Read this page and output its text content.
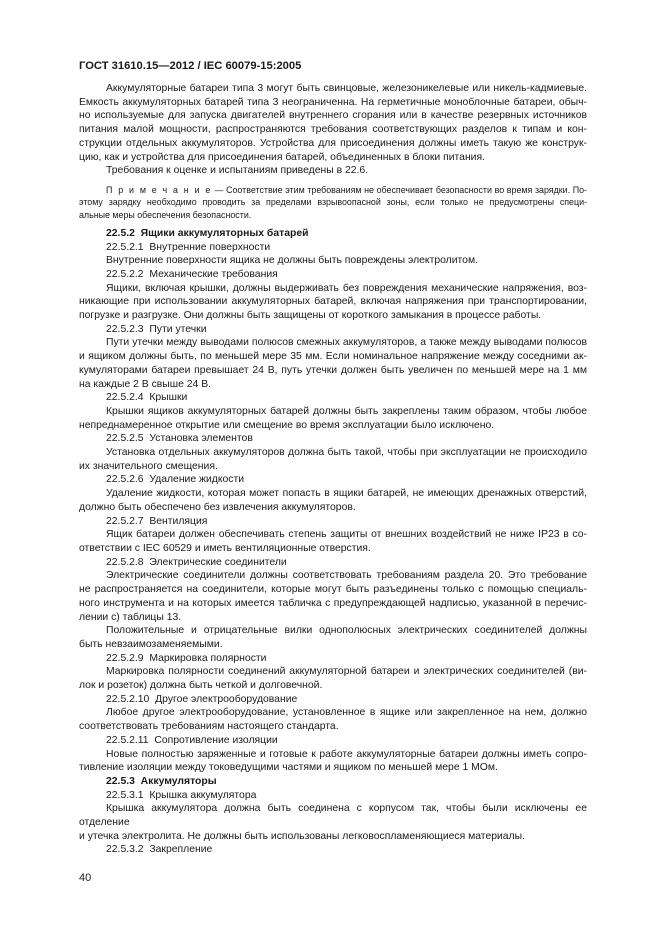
ГОСТ 31610.15—2012 / IEC 60079-15:2005

Аккумуляторные батареи типа 3 могут быть свинцовые, железоникелевые или никель-кадмиевые.

Емкость аккумуляторных батарей типа 3 неограниченна. На герметичные моноблочные батареи, обыч-

но используемые для запуска двигателей внутреннего сгорания или в качестве резервных источников

питания малой мощности, распространяются требования соответствующих разделов к типам и кон-

струкции отдельных аккумуляторов. Устройства для присоединения должны иметь такую же конструк-

цию, как и устройства для присоединения батарей, объединенных в блоки питания.

Требования к оценке и испытаниям приведены в 22.6.

П р и м е ч а н и е — Соответствие этим требованиям не обеспечивает безопасности во время зарядки. По-

этому зарядку необходимо проводить за пределами взрывоопасной зоны, если только не предусмотрены специ-

альные меры обеспечения безопасности.

22.5.2 Ящики аккумуляторных батарей

22.5.2.1 Внутренние поверхности

Внутренние поверхности ящика не должны быть повреждены электролитом.

22.5.2.2 Механические требования

Ящики, включая крышки, должны выдерживать без повреждения механические напряжения, воз-

никающие при использовании аккумуляторных батарей, включая напряжения при транспортировании,

погрузке и разгрузке. Они должны быть защищены от короткого замыкания в процессе работы.

22.5.2.3 Пути утечки

Пути утечки между выводами полюсов смежных аккумуляторов, а также между выводами полюсов

и ящиком должны быть, по меньшей мере 35 мм. Если номинальное напряжение между соседними ак-

кумуляторами батареи превышает 24 В, путь утечки должен быть увеличен по меньшей мере на 1 мм

на каждые 2 В свыше 24 В.

22.5.2.4 Крышки

Крышки ящиков аккумуляторных батарей должны быть закреплены таким образом, чтобы любое

непреднамеренное открытие или смещение во время эксплуатации было исключено.

22.5.2.5 Установка элементов

Установка отдельных аккумуляторов должна быть такой, чтобы при эксплуатации не происходило

их значительного смещения.

22.5.2.6 Удаление жидкости

Удаление жидкости, которая может попасть в ящики батарей, не имеющих дренажных отверстий,

должно быть обеспечено без извлечения аккумуляторов.

22.5.2.7 Вентиляция

Ящик батареи должен обеспечивать степень защиты от внешних воздействий не ниже IP23 в со-

ответствии с IEC 60529 и иметь вентиляционные отверстия.

22.5.2.8 Электрические соединители

Электрические соединители должны соответствовать требованиям раздела 20. Это требование

не распространяется на соединители, которые могут быть разъединены только с помощью специаль-

ного инструмента и на которых имеется табличка с предупреждающей надписью, указанной в перечис-

лении с) таблицы 13.

Положительные и отрицательные вилки однополюсных электрических соединителей должны

быть невзаимозаменяемыми.

22.5.2.9 Маркировка полярности

Маркировка полярности соединений аккумуляторной батареи и электрических соединителей (ви-

лок и розеток) должна быть четкой и долговечной.

22.5.2.10 Другое электрооборудование

Любое другое электрооборудование, установленное в ящике или закрепленное на нем, должно

соответствовать требованиям настоящего стандарта.

22.5.2.11 Сопротивление изоляции

Новые полностью заряженные и готовые к работе аккумуляторные батареи должны иметь сопро-

тивление изоляции между токоведущими частями и ящиком по меньшей мере 1 МОм.

22.5.3 Аккумуляторы

22.5.3.1 Крышка аккумулятора

Крышка аккумулятора должна быть соединена с корпусом так, чтобы были исключены ее отделение

и утечка электролита. Не должны быть использованы легковоспламеняющиеся материалы.

22.5.3.2 Закрепление

40
